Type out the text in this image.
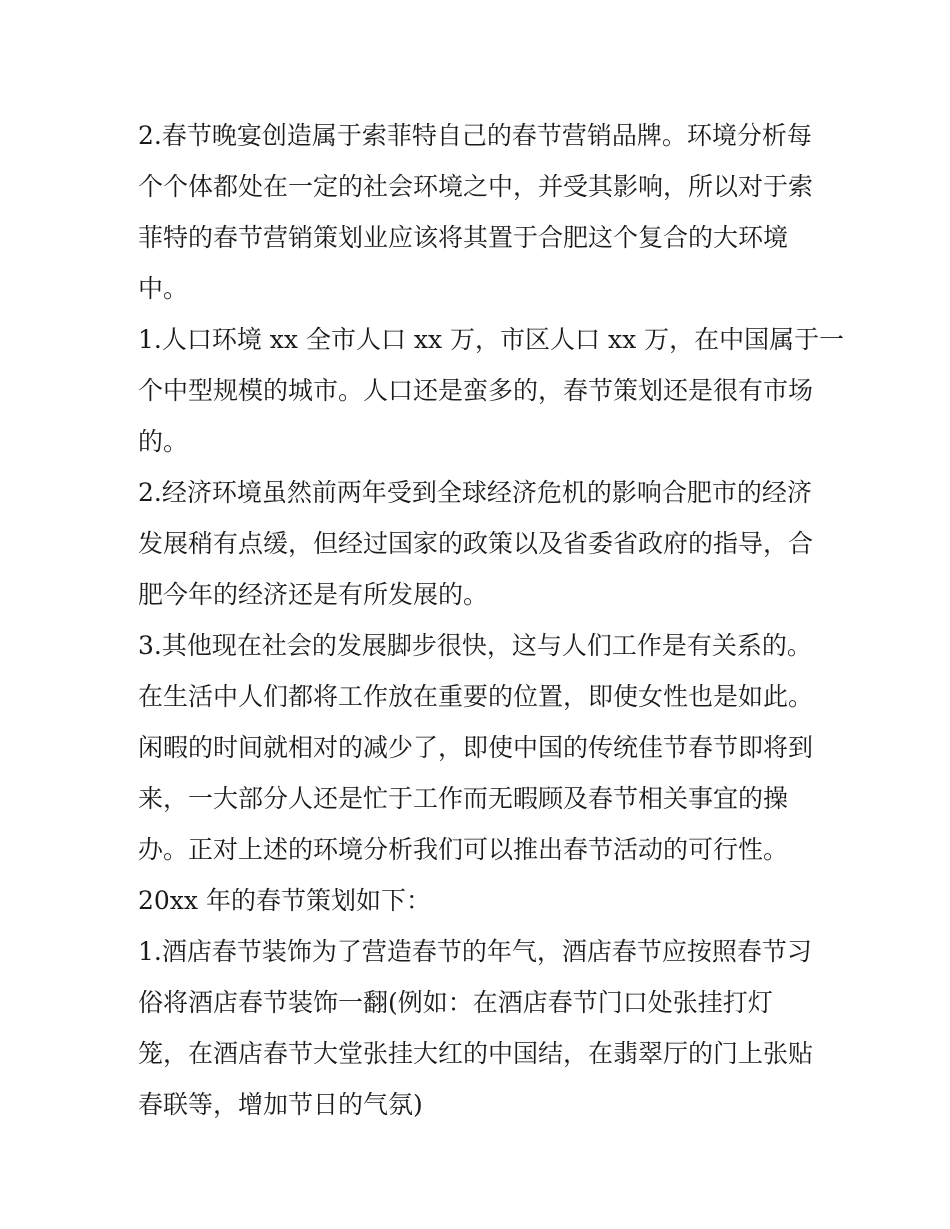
2.春节晚宴创造属于索菲特自己的春节营销品牌。环境分析每
个个体都处在一定的社会环境之中，并受其影响，所以对于索
菲特的春节营销策划业应该将其置于合肥这个复合的大环境
中。
1.人口环境 xx 全市人口 xx 万，市区人口 xx 万，在中国属于一
个中型规模的城市。人口还是蛮多的，春节策划还是很有市场
的。
2.经济环境虽然前两年受到全球经济危机的影响合肥市的经济
发展稍有点缓，但经过国家的政策以及省委省政府的指导，合
肥今年的经济还是有所发展的。
3.其他现在社会的发展脚步很快，这与人们工作是有关系的。
在生活中人们都将工作放在重要的位置，即使女性也是如此。
闲暇的时间就相对的减少了，即使中国的传统佳节春节即将到
来，一大部分人还是忙于工作而无暇顾及春节相关事宜的操
办。正对上述的环境分析我们可以推出春节活动的可行性。
20xx 年的春节策划如下：
1.酒店春节装饰为了营造春节的年气，酒店春节应按照春节习
俗将酒店春节装饰一翻(例如：在酒店春节门口处张挂打灯
笼，在酒店春节大堂张挂大红的中国结，在翡翠厅的门上张贴
春联等，增加节日的气氛)
